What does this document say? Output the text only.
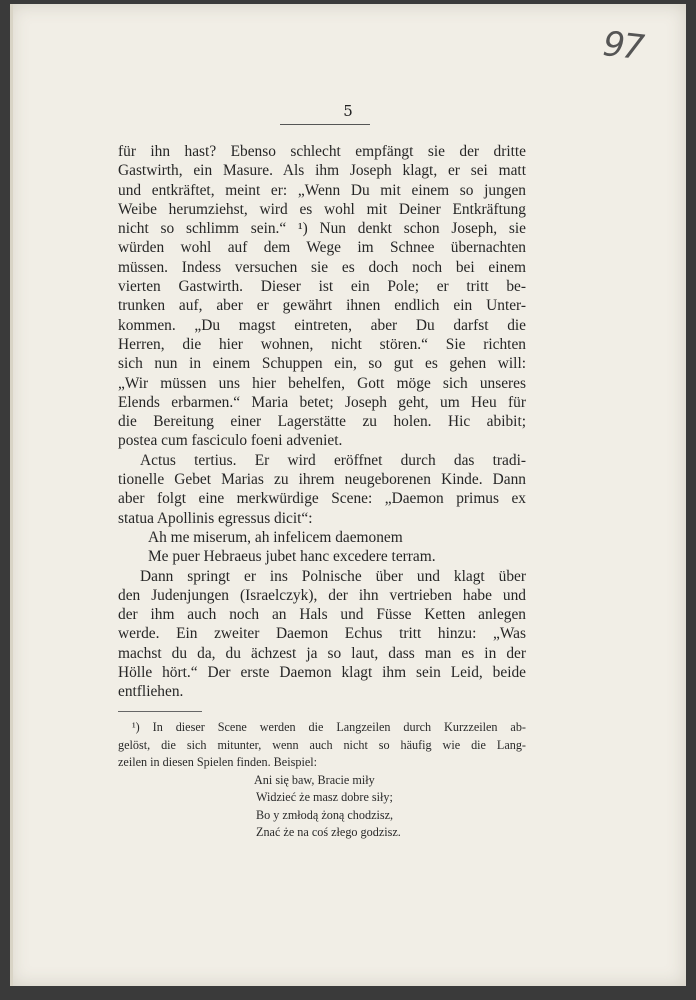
97
5
für ihn hast? Ebenso schlecht empfängt sie der dritte
Gastwirth, ein Masure. Als ihm Joseph klagt, er sei matt
und entkräftet, meint er: „Wenn Du mit einem so jungen
Weibe herumziehst, wird es wohl mit Deiner Entkräftung
nicht so schlimm sein.“ ¹) Nun denkt schon Joseph, sie
würden wohl auf dem Wege im Schnee übernachten
müssen. Indess versuchen sie es doch noch bei einem
vierten Gastwirth. Dieser ist ein Pole; er tritt be-
trunken auf, aber er gewährt ihnen endlich ein Unter-
kommen. „Du magst eintreten, aber Du darfst die
Herren, die hier wohnen, nicht stören.“ Sie richten
sich nun in einem Schuppen ein, so gut es gehen will:
„Wir müssen uns hier behelfen, Gott möge sich unseres
Elends erbarmen.“ Maria betet; Joseph geht, um Heu für
die Bereitung einer Lagerstätte zu holen. Hic abibit;
postea cum fasciculo foeni adveniet.
Actus tertius. Er wird eröffnet durch das tradi-
tionelle Gebet Marias zu ihrem neugeborenen Kinde. Dann
aber folgt eine merkwürdige Scene: „Daemon primus ex
statua Apollinis egressus dicit“:
Ah me miserum, ah infelicem daemonem
Me puer Hebraeus jubet hanc excedere terram.
Dann springt er ins Polnische über und klagt über
den Judenjungen (Israelczyk), der ihn vertrieben habe und
der ihm auch noch an Hals und Füsse Ketten anlegen
werde. Ein zweiter Daemon Echus tritt hinzu: „Was
machst du da, du ächzest ja so laut, dass man es in der
Hölle hört.“ Der erste Daemon klagt ihm sein Leid, beide
entfliehen.
¹) In dieser Scene werden die Langzeilen durch Kurzzeilen ab-
gelöst, die sich mitunter, wenn auch nicht so häufig wie die Lang-
zeilen in diesen Spielen finden. Beispiel:
Ani się baw, Bracie miły
Widzieć że masz dobre siły;
Bo y zmłodą żoną chodzisz,
Znać że na coś złego godzisz.
